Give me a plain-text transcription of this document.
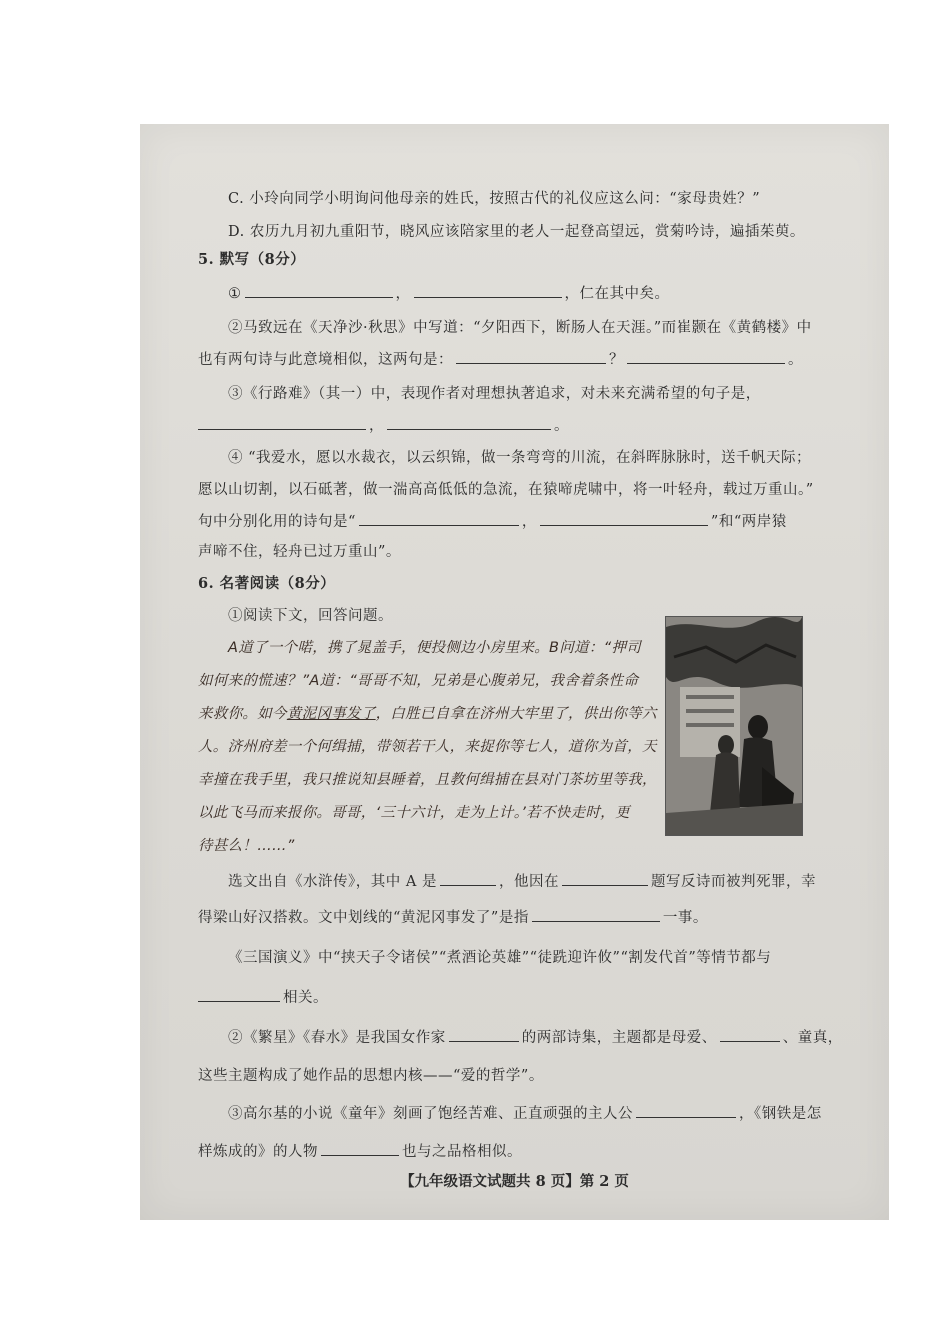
C. 小玲向同学小明询问他母亲的姓氏，按照古代的礼仪应这么问：“家母贵姓？”
D. 农历九月初九重阳节，晓风应该陪家里的老人一起登高望远，赏菊吟诗，遍插茱萸。
5. 默写（8分）
①	，	，仁在其中矣。
②马致远在《天净沙·秋思》中写道：“夕阳西下，断肠人在天涯。”而崔颢在《黄鹤楼》中
也有两句诗与此意境相似，这两句是：	？	。
③《行路难》（其一）中，表现作者对理想执著追求，对未来充满希望的句子是，
，	。
④ “我爱水，愿以水裁衣，以云织锦，做一条弯弯的川流，在斜晖脉脉时，送千帆天际；
愿以山切割，以石砥著，做一湍高高低低的急流，在猿啼虎啸中，将一叶轻舟，载过万重山。”
句中分别化用的诗句是“	，	”和“两岸猿
声啼不住，轻舟已过万重山”。
6. 名著阅读（8分）
①阅读下文，回答问题。
A道了一个喏，携了晁盖手，便投侧边小房里来。B问道：“押司
如何来的慌速？”A道：“哥哥不知，兄弟是心腹弟兄，我舍着条性命
来救你。如今黄泥冈事发了，白胜已自拿在济州大牢里了，供出你等六
人。济州府差一个何缉捕，带领若干人，来捉你等七人，道你为首，天
幸撞在我手里，我只推说知县睡着，且教何缉捕在县对门茶坊里等我，
以此飞马而来报你。哥哥，‘三十六计，走为上计。’若不快走时，更
待甚么！……”
选文出自《水浒传》，其中 A 是	，他因在	题写反诗而被判死罪，幸
得梁山好汉搭救。文中划线的“黄泥冈事发了”是指	一事。
《三国演义》中“挟天子令诸侯”“煮酒论英雄”“徒跣迎许攸”“割发代首”等情节都与
相关。
②《繁星》《春水》是我国女作家	的两部诗集，主题都是母爱、	、童真，
这些主题构成了她作品的思想内核——“爱的哲学”。
③高尔基的小说《童年》刻画了饱经苦难、正直顽强的主人公	，《钢铁是怎
样炼成的》的人物	也与之品格相似。
【九年级语文试题共 8 页】第 2 页
